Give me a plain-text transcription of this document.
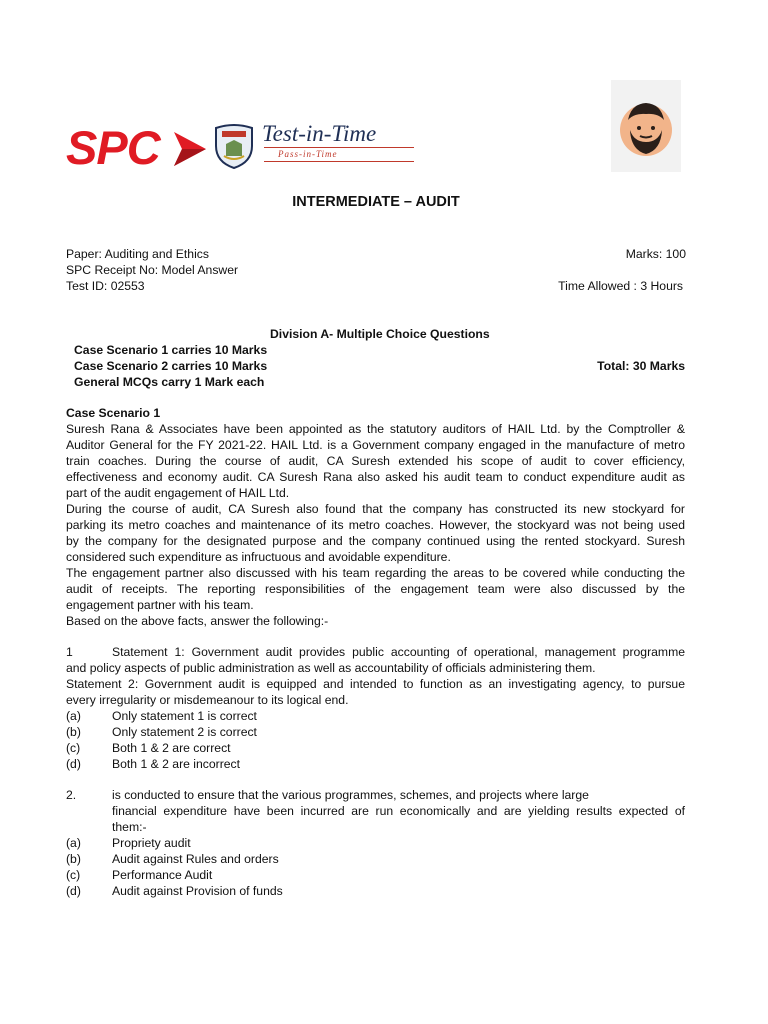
SPC	Test-in-Time
Pass-in-Time
INTERMEDIATE – AUDIT
Paper: Auditing and Ethics
SPC Receipt No: Model Answer
Test ID: 02553
Marks: 100
Time Allowed : 3 Hours
Division A- Multiple Choice Questions
Case Scenario 1 carries 10 Marks
Case Scenario 2 carries 10 Marks
General MCQs carry 1 Mark each
Total: 30 Marks
Case Scenario 1
Suresh Rana & Associates have been appointed as the statutory auditors of HAIL Ltd. by the Comptroller &
Auditor General for the FY 2021-22. HAIL Ltd. is a Government company engaged in the manufacture of metro
train coaches. During the course of audit, CA Suresh extended his scope of audit to cover efficiency,
effectiveness and economy audit. CA Suresh Rana also asked his audit team to conduct expenditure audit as
part of the audit engagement of HAIL Ltd.
During the course of audit, CA Suresh also found that the company has constructed its new stockyard for
parking its metro coaches and maintenance of its metro coaches. However, the stockyard was not being used
by the company for the designated purpose and the company continued using the rented stockyard. Suresh
considered such expenditure as infructuous and avoidable expenditure.
The engagement partner also discussed with his team regarding the areas to be covered while conducting the
audit of receipts. The reporting responsibilities of the engagement team were also discussed by the
engagement partner with his team.
Based on the above facts, answer the following:-
1	Statement 1: Government audit provides public accounting of operational, management programme
and policy aspects of public administration as well as accountability of officials administering them.
Statement 2: Government audit is equipped and intended to function as an investigating agency, to pursue
every irregularity or misdemeanour to its logical end.
(a)	Only statement 1 is correct
(b)	Only statement 2 is correct
(c)	Both 1 & 2 are correct
(d)	Both 1 & 2 are incorrect
2.	is conducted to ensure that the various programmes, schemes, and projects where large
financial expenditure have been incurred are run economically and are yielding results expected of
them:-
(a)	Propriety audit
(b)	Audit against Rules and orders
(c)	Performance Audit
(d)	Audit against Provision of funds
